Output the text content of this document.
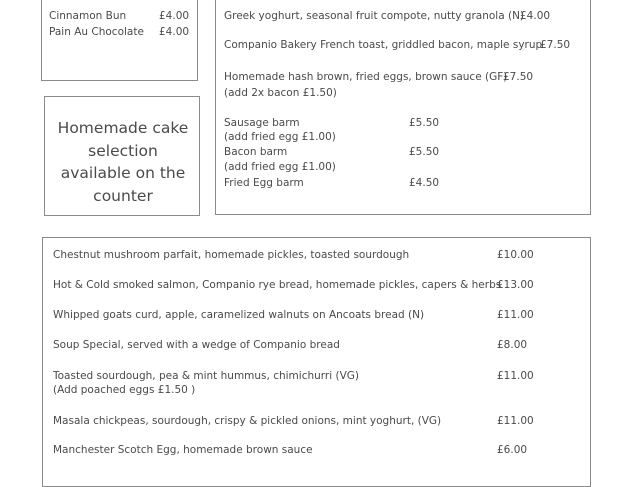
Cinnamon Bun	£4.00
Pain Au Chocolate £4.00
Homemade cake
selection
available on the
counter
Greek yoghurt, seasonal fruit compote, nutty granola (N)
£4.00
Companio Bakery French toast, griddled bacon, maple syrup
£7.50
Homemade hash brown, fried eggs, brown sauce (GF)
£7.50
(add 2x bacon £1.50)
Sausage barm	£5.50
(add fried egg £1.00)
Bacon barm	£5.50
(add fried egg £1.00)
Fried Egg barm	£4.50
Chestnut mushroom parfait, homemade pickles, toasted sourdough	£10.00
Hot & Cold smoked salmon, Companio rye bread, homemade pickles, capers & herbs
£13.00
Whipped goats curd, apple, caramelized walnuts on Ancoats bread (N)	£11.00
Soup Special, served with a wedge of Companio bread	£8.00
Toasted sourdough, pea & mint hummus, chimichurri (VG)	£11.00
(Add poached eggs £1.50 )
Masala chickpeas, sourdough, crispy & pickled onions, mint yoghurt, (VG)	£11.00
Manchester Scotch Egg, homemade brown sauce	£6.00
